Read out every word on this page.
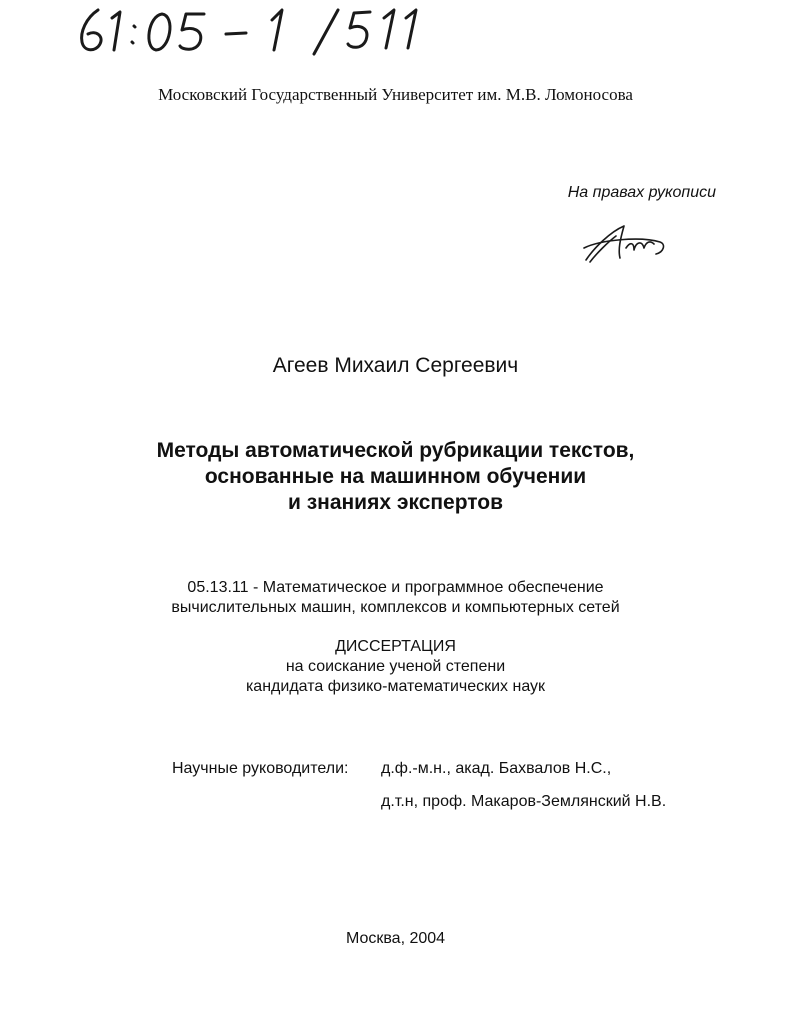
Московский Государственный Университет им. М.В. Ломоносова
На правах рукописи
Агеев Михаил Сергеевич
Методы автоматической рубрикации текстов,
основанные на машинном обучении
и знаниях экспертов
05.13.11 - Математическое и программное обеспечение
вычислительных машин, комплексов и компьютерных сетей
ДИССЕРТАЦИЯ
на соискание ученой степени
кандидата физико-математических наук
Научные руководители: д.ф.-м.н., акад. Бахвалов Н.С.,
д.т.н, проф. Макаров-Землянский Н.В.
Москва, 2004
